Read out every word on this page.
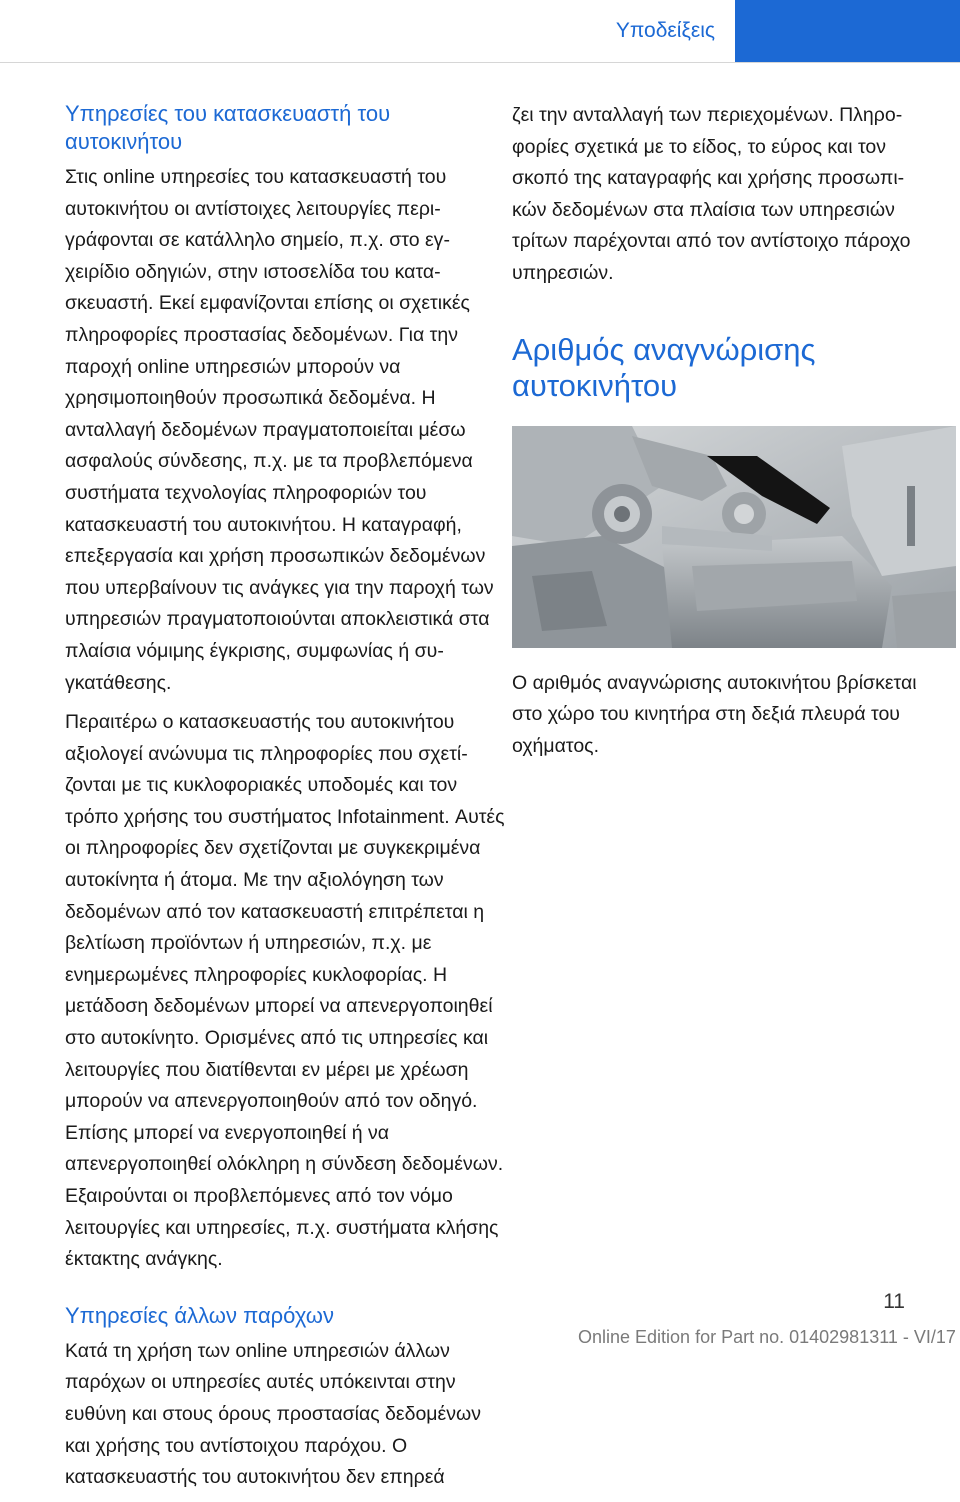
Υποδείξεις
Υπηρεσίες του κατασκευαστή του αυτοκινήτου

Στις online υπηρεσίες του κατασκευαστή του αυτοκινήτου οι αντίστοιχες λειτουργίες περιγράφονται σε κατάλληλο σημείο, π.χ. στο εγχειρίδιο οδηγιών, στην ιστοσελίδα του κατασκευαστή. Εκεί εμφανίζονται επίσης οι σχετικές πληροφορίες προστασίας δεδομένων. Για την παροχή online υπηρεσιών μπορούν να χρησιμοποιηθούν προσωπικά δεδομένα. Η ανταλλαγή δεδομένων πραγματοποιείται μέσω ασφαλούς σύνδεσης, π.χ. με τα προβλεπόμενα συστήματα τεχνολογίας πληροφοριών του κατασκευαστή του αυτοκινήτου. Η καταγραφή, επεξεργασία και χρήση προσωπικών δεδομένων που υπερβαίνουν τις ανάγκες για την παροχή των υπηρεσιών πραγματοποιούνται αποκλειστικά στα πλαίσια νόμιμης έγκρισης, συμφωνίας ή συγκατάθεσης.

Περαιτέρω ο κατασκευαστής του αυτοκινήτου αξιολογεί ανώνυμα τις πληροφορίες που σχετίζονται με τις κυκλοφοριακές υποδομές και τον τρόπο χρήσης του συστήματος Infotainment. Αυτές οι πληροφορίες δεν σχετίζονται με συγκεκριμένα αυτοκίνητα ή άτομα. Με την αξιολόγηση των δεδομένων από τον κατασκευαστή επιτρέπεται η βελτίωση προϊόντων ή υπηρεσιών, π.χ. με ενημερωμένες πληροφορίες κυκλοφορίας. Η μετάδοση δεδομένων μπορεί να απενεργοποιηθεί στο αυτοκίνητο. Ορισμένες από τις υπηρεσίες και λειτουργίες που διατίθενται εν μέρει με χρέωση μπορούν να απενεργοποιηθούν από τον οδηγό. Επίσης μπορεί να ενεργοποιηθεί ή να απενεργοποιηθεί ολόκληρη η σύνδεση δεδομένων. Εξαιρούνται οι προβλεπόμενες από τον νόμο λειτουργίες και υπηρεσίες, π.χ. συστήματα κλήσης έκτακτης ανάγκης.

Υπηρεσίες άλλων παρόχων

Κατά τη χρήση των online υπηρεσιών άλλων παρόχων οι υπηρεσίες αυτές υπόκεινται στην ευθύνη και στους όρους προστασίας δεδομένων και χρήσης του αντίστοιχου παρόχου. Ο κατασκευαστής του αυτοκινήτου δεν επηρεά

ζει την ανταλλαγή των περιεχομένων. Πληροφορίες σχετικά με το είδος, το εύρος και τον σκοπό της καταγραφής και χρήσης προσωπικών δεδομένων στα πλαίσια των υπηρεσιών τρίτων παρέχονται από τον αντίστοιχο πάροχο υπηρεσιών.

Αριθμός αναγνώρισης αυτοκινήτου

Ο αριθμός αναγνώρισης αυτοκινήτου βρίσκεται στο χώρο του κινητήρα στη δεξιά πλευρά του οχήματος.

11
Online Edition for Part no. 01402981311 - VI/17
